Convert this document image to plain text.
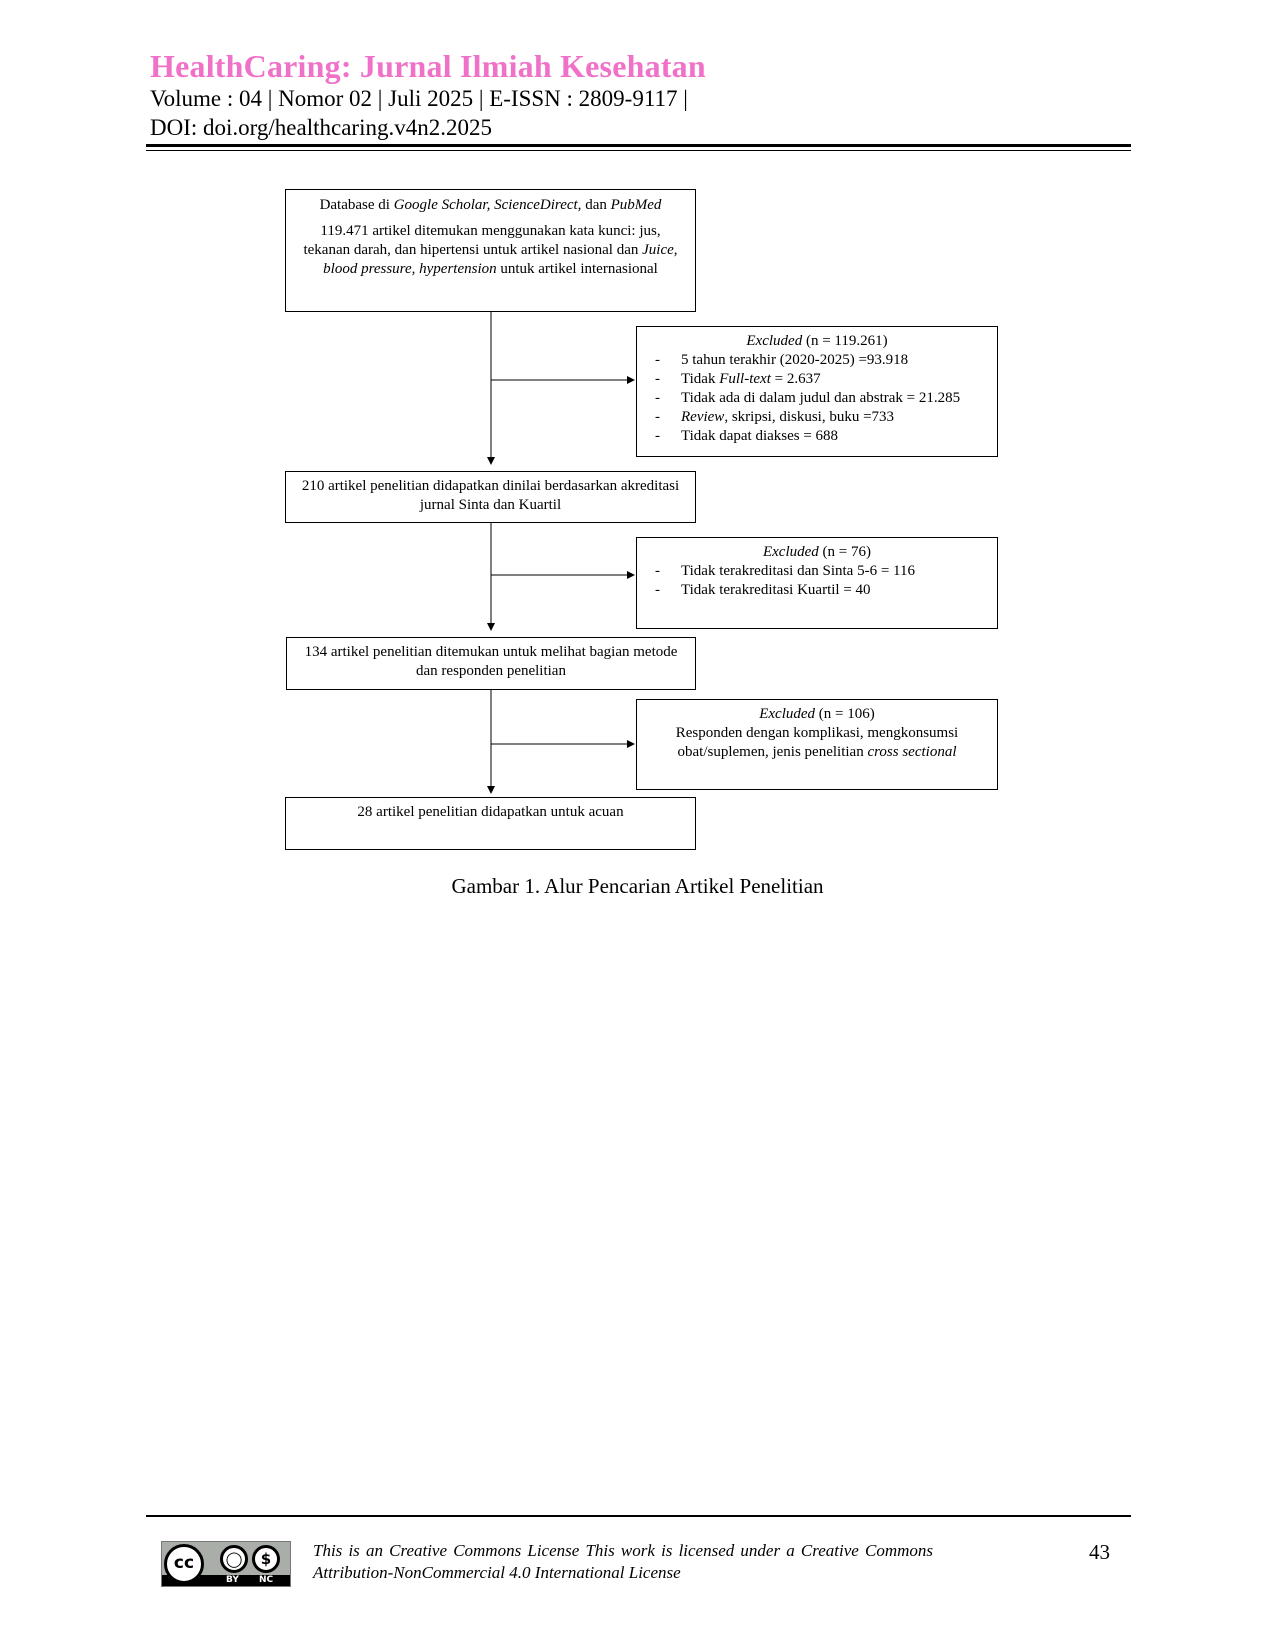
HealthCaring: Jurnal Ilmiah Kesehatan
Volume : 04 | Nomor 02 | Juli 2025 | E-ISSN : 2809-9117 |
DOI: doi.org/healthcaring.v4n2.2025

Database di Google Scholar, ScienceDirect, dan PubMed

119.471 artikel ditemukan menggunakan kata kunci: jus, tekanan darah, dan hipertensi untuk artikel nasional dan Juice, blood pressure, hypertension untuk artikel internasional

Excluded (n = 119.261)

- 5 tahun terakhir (2020-2025) =93.918
- Tidak Full-text = 2.637
- Tidak ada di dalam judul dan abstrak = 21.285
- Review, skripsi, diskusi, buku =733
- Tidak dapat diakses = 688

210 artikel penelitian didapatkan dinilai berdasarkan akreditasi jurnal Sinta dan Kuartil

Excluded (n = 76)

- Tidak terakreditasi dan Sinta 5-6 = 116
- Tidak terakreditasi Kuartil = 40

134 artikel penelitian ditemukan untuk melihat bagian metode dan responden penelitian

Excluded (n = 106)

Responden dengan komplikasi, mengkonsumsi obat/suplemen, jenis penelitian cross sectional

28 artikel penelitian didapatkan untuk acuan

Gambar 1. Alur Pencarian Artikel Penelitian
cc	◯	$
BY NC
This is an Creative Commons License This work is licensed under a Creative Commons Attribution-NonCommercial 4.0 International License
43
